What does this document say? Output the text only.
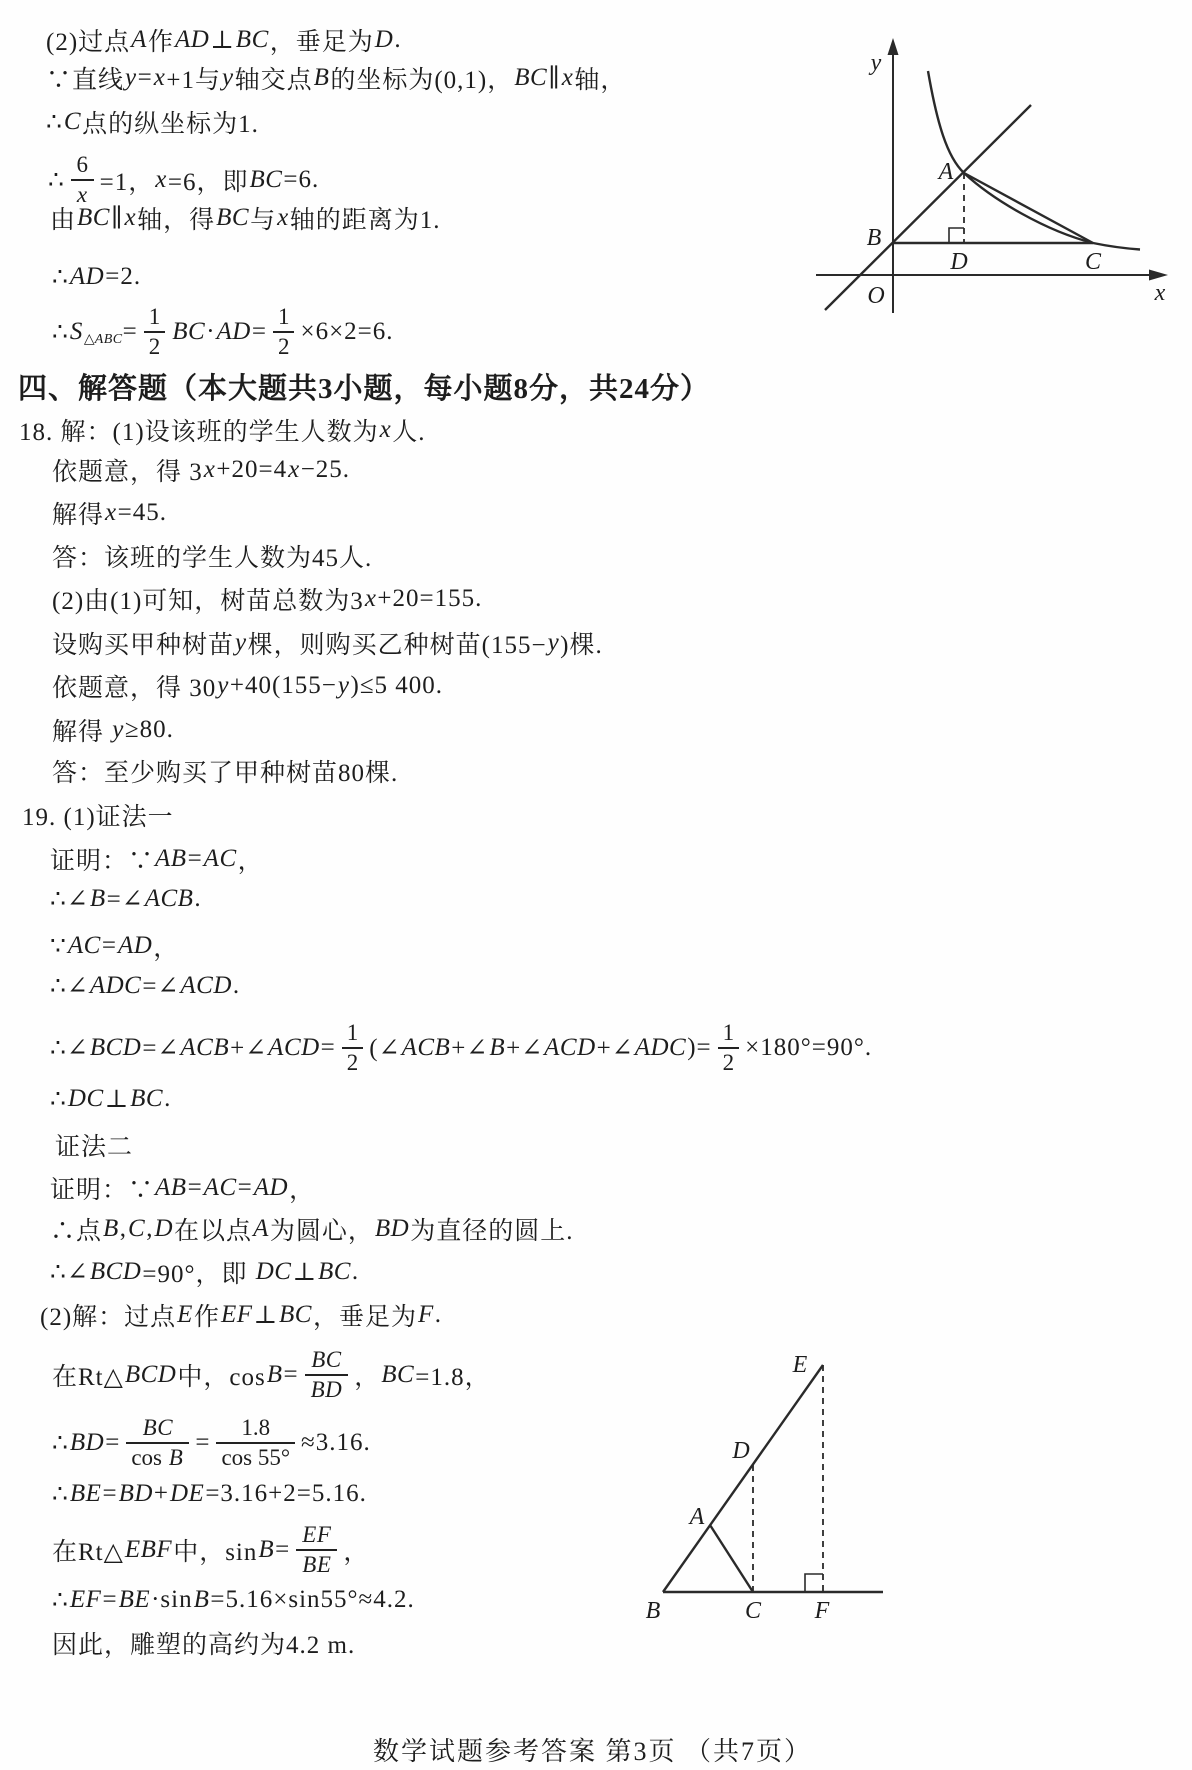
(2)过点 A 作 AD ⊥ BC ，垂足为 D .
∵直线 y = x +1与 y 轴交点 B 的坐标为(0,1)， BC ∥ x 轴，
∴ C 点的纵坐标为1.
∴ $\frac{6}{x} =1$， x =6，即 BC =6.
由 BC ∥ x 轴，得 BC 与 x 轴的距离为1.
∴ AD =2.
∴ S △ABC = $\frac{1}{2}$ BC · AD = $\frac{1}{2} \times 6\times 2=6$.
y
x
O
A
B
D	C
四、解答题（本大题共3小题，每小题8分，共24分）
18. 解：(1)设该班的学生人数为 x 人.
依题意，得 3 x +20=4 x −25.
解得 x =45.
答：该班的学生人数为45人.
(2)由(1)可知，树苗总数为3 x +20=155.
设购买甲种树苗 y 棵，则购买乙种树苗(155− y )棵.
依题意，得 30 y +40(155− y )≤5 400.
解得 y ≥80.
答：至少购买了甲种树苗80棵.
19. (1)证法一
证明：∵ AB = AC ，
∴∠ B =∠ ACB .
∵ AC = AD ，
∴∠ ADC =∠ ACD .
∴∠ BCD =∠ ACB +∠ ACD = $\frac{1}{2}$ (∠ ACB +∠ B +∠ ACD +∠ ADC )= $\frac{1}{2} \times 180^\circ=90^\circ$.
∴ DC ⊥ BC .
证法二
证明：∵ AB = AC = AD ，
∴点 B , C , D 在以点 A 为圆心， BD 为直径的圆上.
∴∠ BCD =90°，即 DC ⊥ BC .
(2)解：过点 E 作 EF ⊥ BC ，垂足为 F .
在Rt△ BCD 中，$\cos B = \frac{BC}{BD}$ ， BC =1.8，
∴ BD = $\frac{BC}{\text{cos B}} = \frac{1.8}{\cos 55^\circ} \approx 3.16$.
∴ BE = BD + DE =3.16+2=5.16.
在Rt△ EBF 中，$\sin B = \frac{EF}{BE}$ ，
∴ EF = BE ·sin B =5.16×sin55°≈4.2.
因此，雕塑的高约为4.2 m.
E
D
A
B	C F
数学试题参考答案 第3页 （共7页）
